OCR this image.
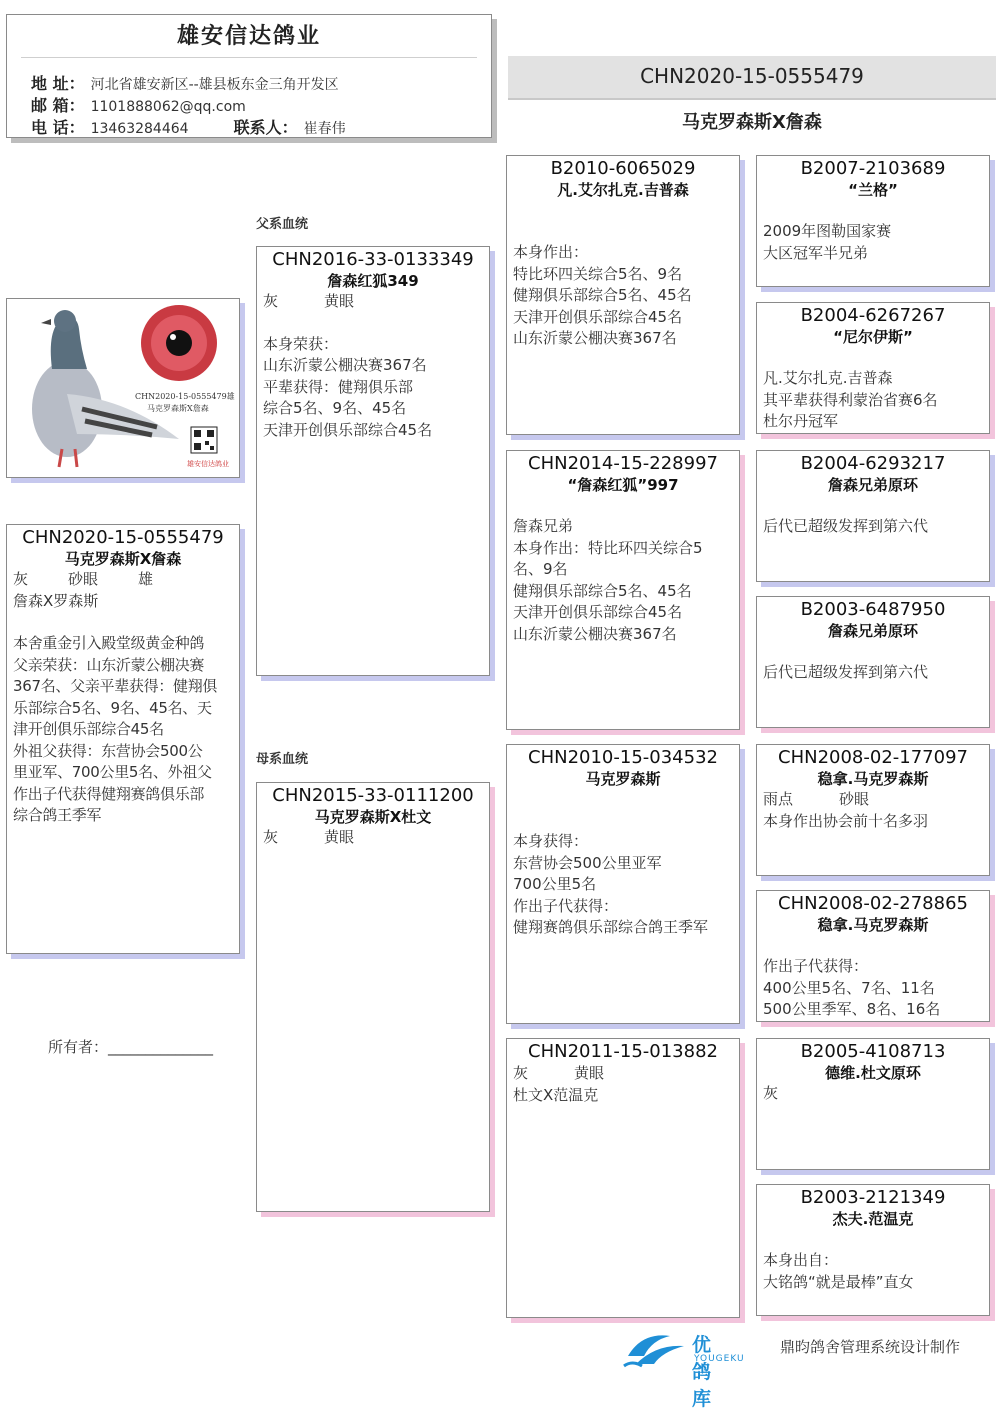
雄安信达鸽业
地 址： 河北省雄安新区--雄县板东金三角开发区
邮 箱： 1101888062@qq.com
电 话： 13463284464	联系人： 崔春伟
CHN2020-15-0555479
马克罗森斯X詹森
父系血统
母系血统
CHN2020-15-0555479雄
马克罗森斯X詹森
雄安信达鸽业
CHN2020-15-0555479
马克罗森斯X詹森
灰	砂眼	雄
詹森X罗森斯
本舍重金引入殿堂级黄金种鸽
父亲荣获：山东沂蒙公棚决赛
367名、父亲平辈获得：健翔俱
乐部综合5名、9名、45名、天
津开创俱乐部综合45名
外祖父获得：东营协会500公
里亚军、700公里5名、外祖父
作出子代获得健翔赛鸽俱乐部
综合鸽王季军
所有者：______________
CHN2016-33-0133349
詹森红狐349
灰	黄眼
本身荣获：
山东沂蒙公棚决赛367名
平辈获得：健翔俱乐部
综合5名、9名、45名
天津开创俱乐部综合45名
CHN2015-33-0111200
马克罗森斯X杜文
灰	黄眼
B2010-6065029
凡.艾尔扎克.吉普森
本身作出：
特比环四关综合5名、9名
健翔俱乐部综合5名、45名
天津开创俱乐部综合45名
山东沂蒙公棚决赛367名
CHN2014-15-228997
“詹森红狐”997
詹森兄弟
本身作出：特比环四关综合5
名、9名
健翔俱乐部综合5名、45名
天津开创俱乐部综合45名
山东沂蒙公棚决赛367名
CHN2010-15-034532
马克罗森斯
本身获得：
东营协会500公里亚军
700公里5名
作出子代获得：
健翔赛鸽俱乐部综合鸽王季军
CHN2011-15-013882
灰	黄眼
杜文X范温克
B2007-2103689
“兰格”
2009年图勒国家赛
大区冠军半兄弟
B2004-6267267
“尼尔伊斯”
凡.艾尔扎克.吉普森
其平辈获得利蒙治省赛6名
杜尔丹冠军
B2004-6293217
詹森兄弟原环
后代已超级发挥到第六代
B2003-6487950
詹森兄弟原环
后代已超级发挥到第六代
CHN2008-02-177097
稳拿.马克罗森斯
雨点	砂眼
本身作出协会前十名多羽
CHN2008-02-278865
稳拿.马克罗森斯
作出子代获得：
400公里5名、7名、11名
500公里季军、8名、16名
B2005-4108713
德维.杜文原环
灰
B2003-2121349
杰夫.范温克
本身出自：
大铭鸽“就是最棒”直女
优鸽库
YOUGEKU
鼎昀鸽舍管理系统设计制作
